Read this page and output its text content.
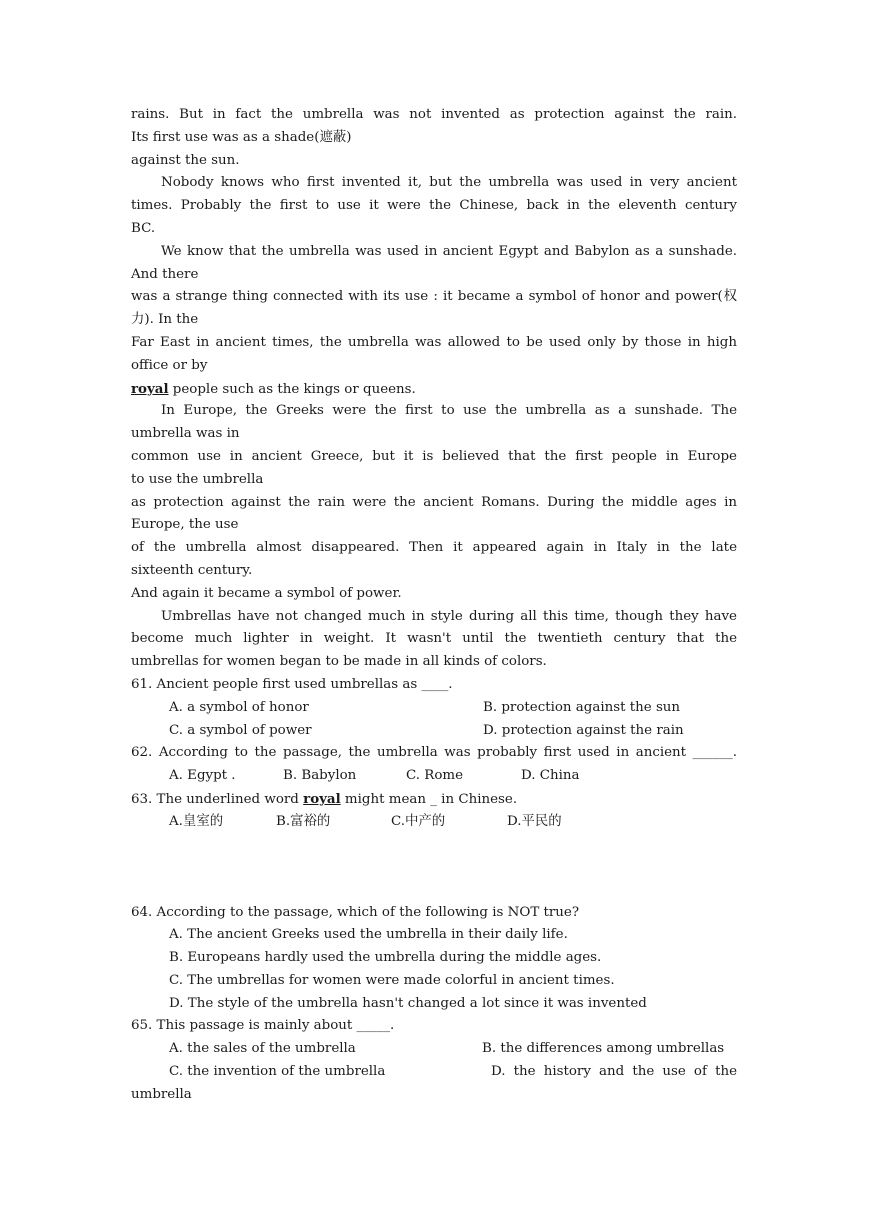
rains. But in fact the umbrella was not invented as protection against the rain.
Its first use was as a shade(遮蔽)
against the sun.
Nobody knows who first invented it, but the umbrella was used in very ancient
times. Probably the first to use it were the Chinese, back in the eleventh century
BC.
We know that the umbrella was used in ancient Egypt and Babylon as a sunshade.
And there
was a strange thing connected with its use : it became a symbol of honor and power(权
力). In the
Far East in ancient times, the umbrella was allowed to be used only by those in high
office or by
royal people such as the kings or queens.
In Europe, the Greeks were the first to use the umbrella as a sunshade. The
umbrella was in
common use in ancient Greece, but it is believed that the first people in Europe
to use the umbrella
as protection against the rain were the ancient Romans. During the middle ages in
Europe, the use
of the umbrella almost disappeared. Then it appeared again in Italy in the late
sixteenth century.
And again it became a symbol of power.
Umbrellas have not changed much in style during all this time, though they have
become much lighter in weight. It wasn't until the twentieth century that the
umbrellas for women began to be made in all kinds of colors.
61. Ancient people first used umbrellas as ____.
A. a symbol of honor	B. protection against the sun
C. a symbol of power	D. protection against the rain
62. According to the passage, the umbrella was probably first used in ancient ______.
A. Egypt .	B. Babylon	C. Rome	D. China
63. The underlined word royal might mean _ in Chinese.
A.皇室的	B.富裕的	C.中产的	D.平民的
64. According to the passage, which of the following is NOT true?
A. The ancient Greeks used the umbrella in their daily life.
B. Europeans hardly used the umbrella during the middle ages.
C. The umbrellas for women were made colorful in ancient times.
D. The style of the umbrella hasn't changed a lot since it was invented
65. This passage is mainly about _____.
A. the sales of the umbrella	B. the differences among umbrellas
C. the invention of the umbrella	D. the history and the use of the
umbrella
